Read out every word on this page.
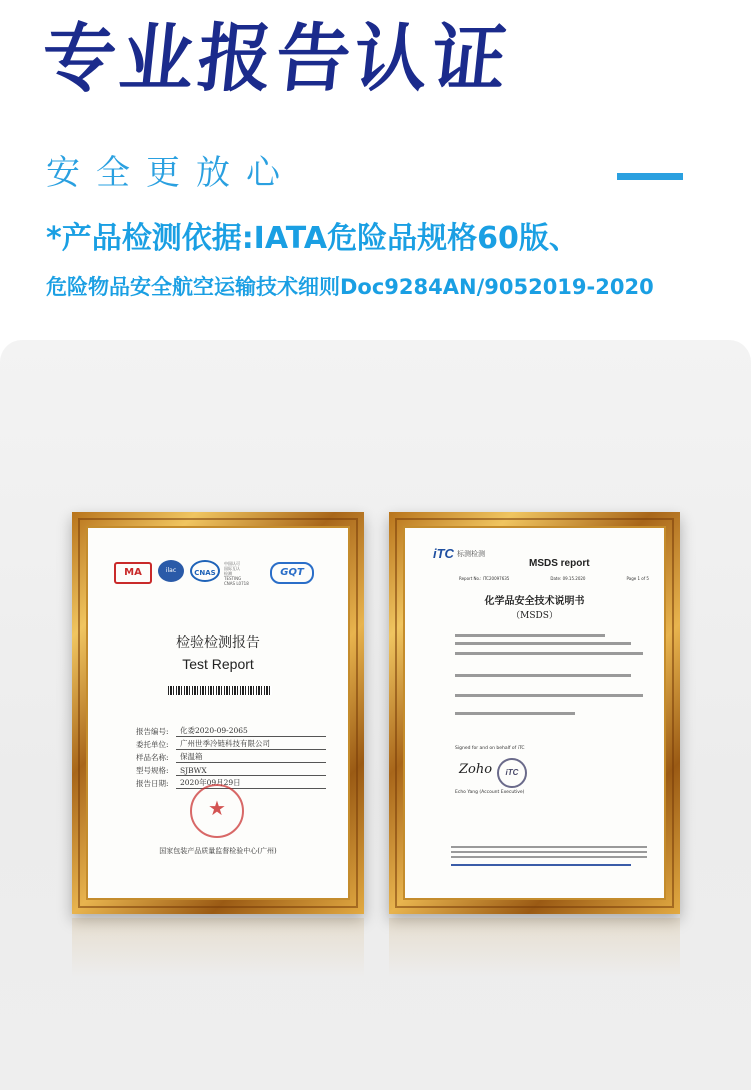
专业报告认证
安全更放心
*产品检测依据:IATA危险品规格60版、
危险物品安全航空运输技术细则Doc9284AN/9052019-2020
MA	ilac	CNAS
中国认可
国际互认
检测
TESTING
CNAS L0718
GQT
检验检测报告
Test Report
报告编号:	化委2020-09-2065
委托单位:	广州世季冷链科技有限公司
样品名称:	保温箱
型号规格:	SJBWX
报告日期:	2020年09月29日
★
国家包装产品质量监督检验中心(广州)
iTC 标测检测
MSDS report
Report No.: ITC20097635	Date: 09.15.2020	Page 1 of 5
化学品安全技术说明书
（MSDS）
Signed for and on behalf of iTC
Zoho	iTC
Echo Yang (Account Executive)
